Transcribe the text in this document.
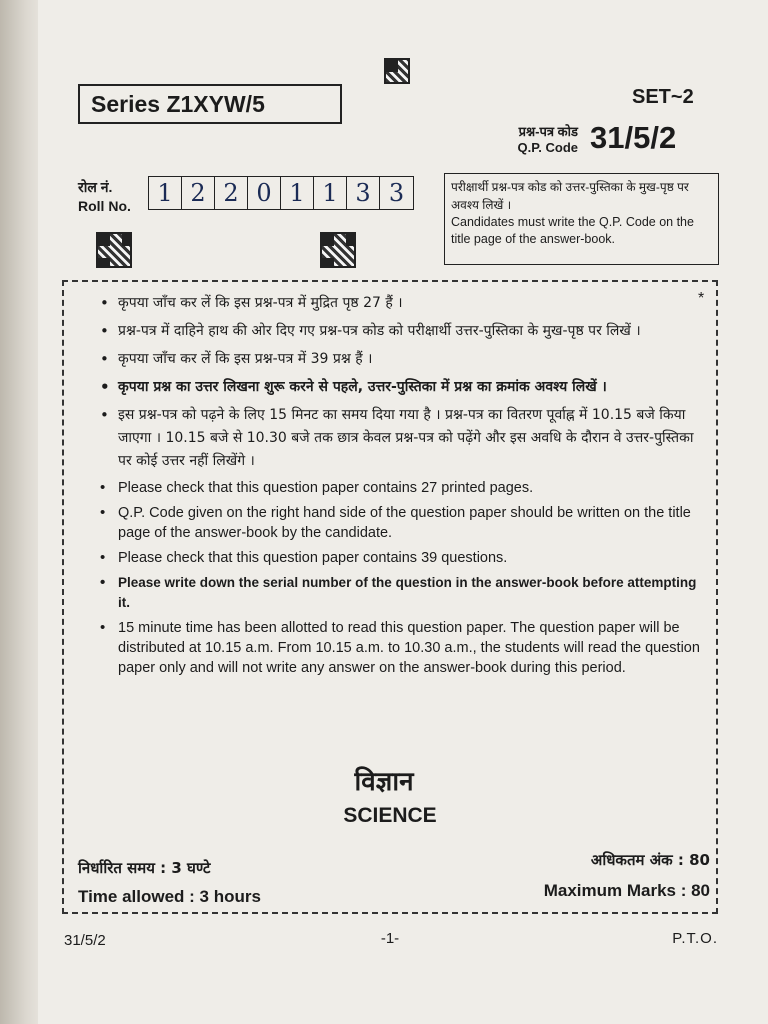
Series Z1XYW/5	SET~2
प्रश्न-पत्र कोड
Q.P. Code 31/5/2
रोल नं.
Roll No.	1 2 2 0 1 1 3 3	परीक्षार्थी प्रश्न-पत्र कोड को उत्तर-पुस्तिका के मुख-पृष्ठ पर अवश्य लिखें ।
Candidates must write the Q.P. Code on the title page of the answer-book.
*
• कृपया जाँच कर लें कि इस प्रश्न-पत्र में मुद्रित पृष्ठ 27 हैं ।
• प्रश्न-पत्र में दाहिने हाथ की ओर दिए गए प्रश्न-पत्र कोड को परीक्षार्थी उत्तर-पुस्तिका के मुख-पृष्ठ पर लिखें ।
• कृपया जाँच कर लें कि इस प्रश्न-पत्र में 39 प्रश्न हैं ।
• कृपया प्रश्न का उत्तर लिखना शुरू करने से पहले, उत्तर-पुस्तिका में प्रश्न का क्रमांक अवश्य लिखें ।
• इस प्रश्न-पत्र को पढ़ने के लिए 15 मिनट का समय दिया गया है । प्रश्न-पत्र का वितरण पूर्वाह्न में 10.15 बजे किया जाएगा । 10.15 बजे से 10.30 बजे तक छात्र केवल प्रश्न-पत्र को पढ़ेंगे और इस अवधि के दौरान वे उत्तर-पुस्तिका पर कोई उत्तर नहीं लिखेंगे ।
• Please check that this question paper contains 27 printed pages.
• Q.P. Code given on the right hand side of the question paper should be written on the title page of the answer-book by the candidate.
• Please check that this question paper contains 39 questions.
• Please write down the serial number of the question in the answer-book before attempting it.
• 15 minute time has been allotted to read this question paper. The question paper will be distributed at 10.15 a.m. From 10.15 a.m. to 10.30 a.m., the students will read the question paper only and will not write any answer on the answer-book during this period.
विज्ञान
SCIENCE
निर्धारित समय : 3 घण्टे
Time allowed : 3 hours
अधिकतम अंक : 80
Maximum Marks : 80
31/5/2	-1-	P.T.O.
